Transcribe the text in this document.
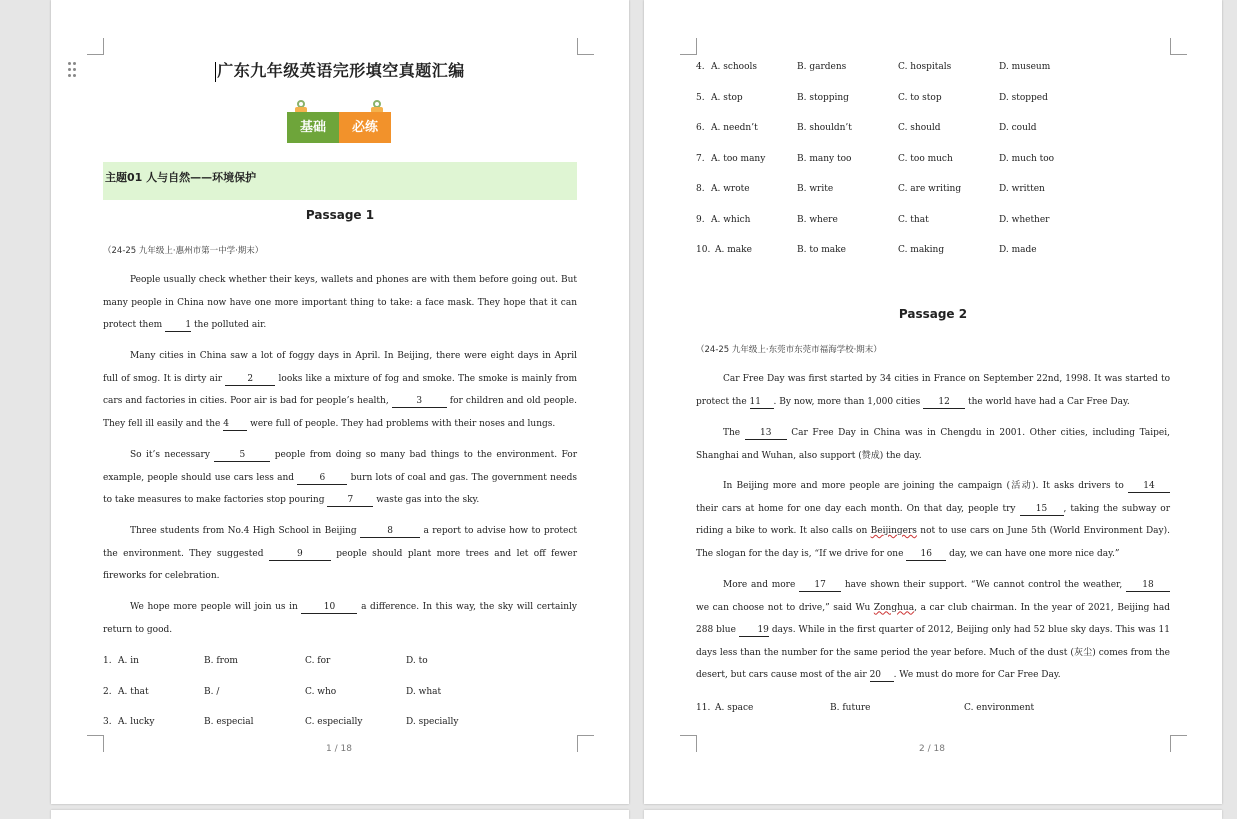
广东九年级英语完形填空真题汇编
基础	必练
主题01 人与自然——环境保护
Passage 1
（24-25 九年级上·惠州市第一中学·期末）

People usually check whether their keys, wallets and phones are with them before going out. But many people in China now have one more important thing to take: a face mask. They hope that it can protect them 1 the polluted air.

Many cities in China saw a lot of foggy days in April. In Beijing, there were eight days in April full of smog. It is dirty air 2 looks like a mixture of fog and smoke. The smoke is mainly from cars and factories in cities. Poor air is bad for people’s health,	3	for children and old people. They fell ill easily and the 4 were full of people. They had problems with their noses and lungs.

So it’s necessary	5	people from doing so many bad things to the environment. For example, people should use cars less and 6 burn lots of coal and gas. The government needs to take measures to make factories stop pouring 7 waste gas into the sky.

Three students from No.4 High School in Beijing	8	a report to advise how to protect the environment. They suggested	9	people should plant more trees and let off fewer fireworks for celebration.

We hope more people will join us in 10 a difference. In this way, the sky will certainly return to good.

1. A. in	B. from	C. for	D. to
2. A. that	B. /	C. who	D. what
3. A. lucky	B. especial	C. especially	D. specially
1 / 18
4. A. schools	B. gardens	C. hospitals	D. museum
5. A. stop	B. stopping	C. to stop	D. stopped
6. A. needn’t	B. shouldn’t	C. should	D. could
7. A. too many	B. many too	C. too much	D. much too
8. A. wrote	B. write	C. are writing	D. written
9. A. which	B. where	C. that	D. whether
10. A. make	B. to make	C. making	D. made
Passage 2
（24-25 九年级上·东莞市东莞市福海学校·期末）

Car Free Day was first started by 34 cities in France on September 22nd, 1998. It was started to protect the 11 . By now, more than 1,000 cities 12 the world have had a Car Free Day.

The 13 Car Free Day in China was in Chengdu in 2001. Other cities, including Taipei, Shanghai and Wuhan, also support (赞成) the day.

In Beijing more and more people are joining the campaign (活动). It asks drivers to 14 their cars at home for one day each month. On that day, people try 15 , taking the subway or riding a bike to work. It also calls on Beijingers not to use cars on June 5th (World Environment Day). The slogan for the day is, “If we drive for one 16 day, we can have one more nice day.”

More and more 17 have shown their support. “We cannot control the weather, 18 we can choose not to drive,” said Wu Zonghua, a car club chairman. In the year of 2021, Beijing had 288 blue 19 days. While in the first quarter of 2012, Beijing only had 52 blue sky days. This was 11 days less than the number for the same period the year before. Much of the dust (灰尘) comes from the desert, but cars cause most of the air 20 . We must do more for Car Free Day.

11. A. space	B. future	C. environment
2 / 18
